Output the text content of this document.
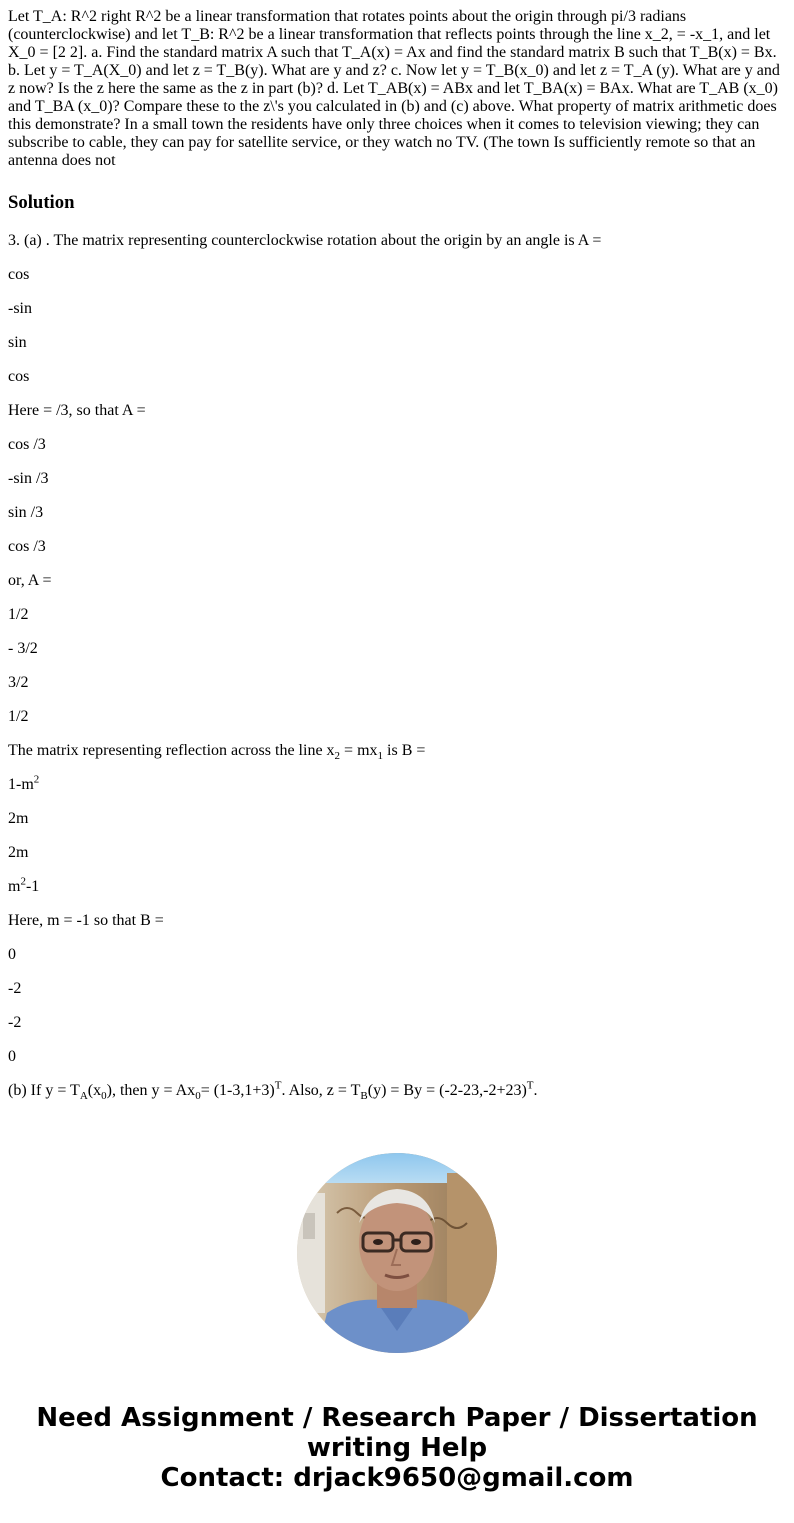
Let T_A: R^2 right R^2 be a linear transformation that rotates points about the origin through pi/3 radians (counterclockwise) and let T_B: R^2 be a linear transformation that reflects points through the line x_2, = -x_1, and let X_0 = [2 2]. a. Find the standard matrix A such that T_A(x) = Ax and find the standard matrix B such that T_B(x) = Bx. b. Let y = T_A(X_0) and let z = T_B(y). What are y and z? c. Now let y = T_B(x_0) and let z = T_A (y). What are y and z now? Is the z here the same as the z in part (b)? d. Let T_AB(x) = ABx and let T_BA(x) = BAx. What are T_AB (x_0) and T_BA (x_0)? Compare these to the z\'s you calculated in (b) and (c) above. What property of matrix arithmetic does this demonstrate? In a small town the residents have only three choices when it comes to television viewing; they can subscribe to cable, they can pay for satellite service, or they watch no TV. (The town Is sufficiently remote so that an antenna does not

Solution

3. (a) . The matrix representing counterclockwise rotation about the origin by an angle is A =

cos

-sin

sin

cos

Here = /3, so that A =

cos /3

-sin /3

sin /3

cos /3

or, A =

1/2

- 3/2

3/2

1/2

The matrix representing reflection across the line $x_2 = mx_1$ is B =

$1-m^2$

2m

2m

$m^2-1$

Here, m = -1 so that B =

0

-2

-2

0

(b) If $y = T_A(x_0)$, then $y = Ax_0= (1-3,1+3)^T$. Also, $z = T_B(y) = By = (-2-23,-2+23)^T$.

Need Assignment / Research Paper / Dissertation
writing Help
Contact: drjack9650@gmail.com
